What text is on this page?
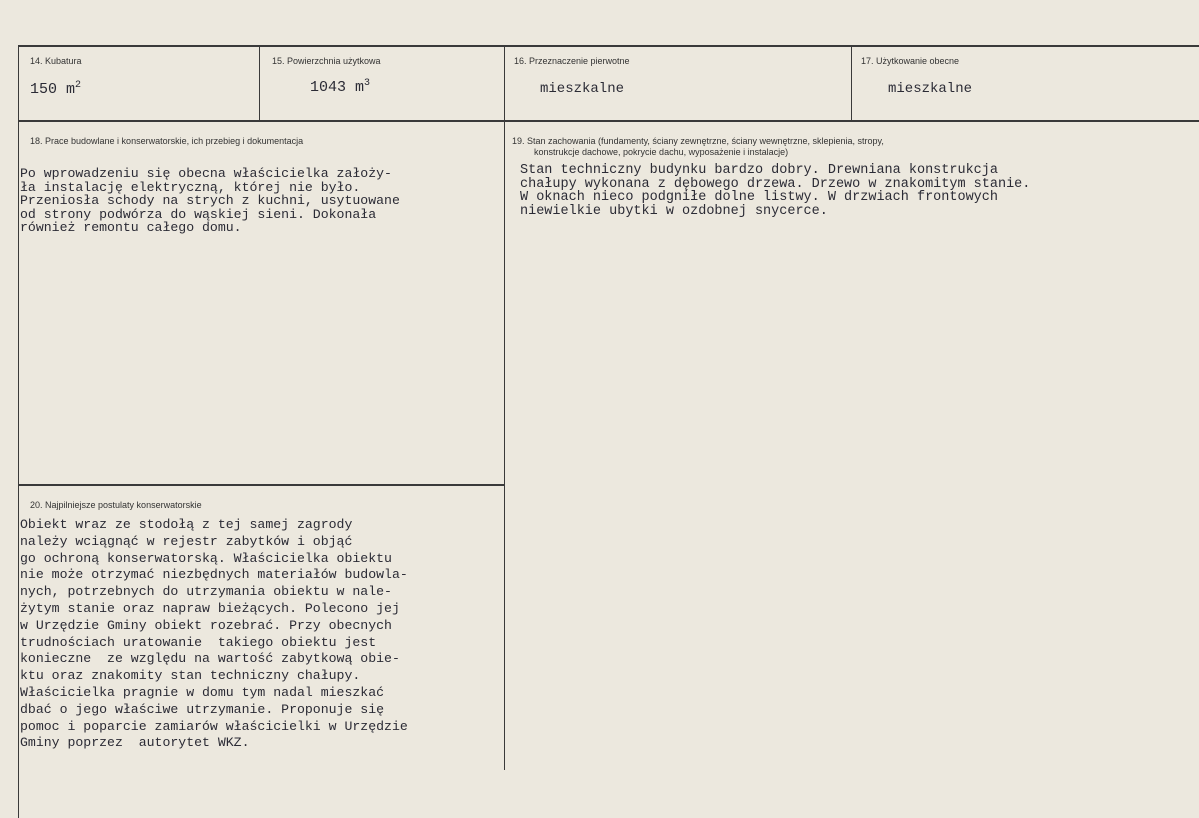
14. Kubatura
150 $m^2$
15. Powierzchnia użytkowa
1043 $m^3$
16. Przeznaczenie pierwotne
mieszkalne
17. Użytkowanie obecne
mieszkalne
18. Prace budowlane i konserwatorskie, ich przebieg i dokumentacja
Po wprowadzeniu się obecna właścicielka założy-
ła instalację elektryczną, której nie było.
Przeniosła schody na strych z kuchni, usytuowane
od strony podwórza do wąskiej sieni. Dokonała
również remontu całego domu.
19. Stan zachowania (fundamenty, ściany zewnętrzne, ściany wewnętrzne, sklepienia, stropy,
konstrukcje dachowe, pokrycie dachu, wyposażenie i instalacje)
Stan techniczny budynku bardzo dobry. Drewniana konstrukcja
chałupy wykonana z dębowego drzewa. Drzewo w znakomitym stanie.
W oknach nieco podgniłe dolne listwy. W drzwiach frontowych
niewielkie ubytki w ozdobnej snycerce.
20. Najpilniejsze postulaty konserwatorskie
Obiekt wraz ze stodołą z tej samej zagrody
należy wciągnąć w rejestr zabytków i objąć
go ochroną konserwatorską. Właścicielka obiektu
nie może otrzymać niezbędnych materiałów budowla-
nych, potrzebnych do utrzymania obiektu w nale-
żytym stanie oraz napraw bieżących. Polecono jej
w Urzędzie Gminy obiekt rozebrać. Przy obecnych
trudnościach uratowanie  takiego obiektu jest
konieczne  ze względu na wartość zabytkową obie-
ktu oraz znakomity stan techniczny chałupy.
Właścicielka pragnie w domu tym nadal mieszkać
dbać o jego właściwe utrzymanie. Proponuje się
pomoc i poparcie zamiarów właścicielki w Urzędzie
Gminy poprzez  autorytet WKZ.
